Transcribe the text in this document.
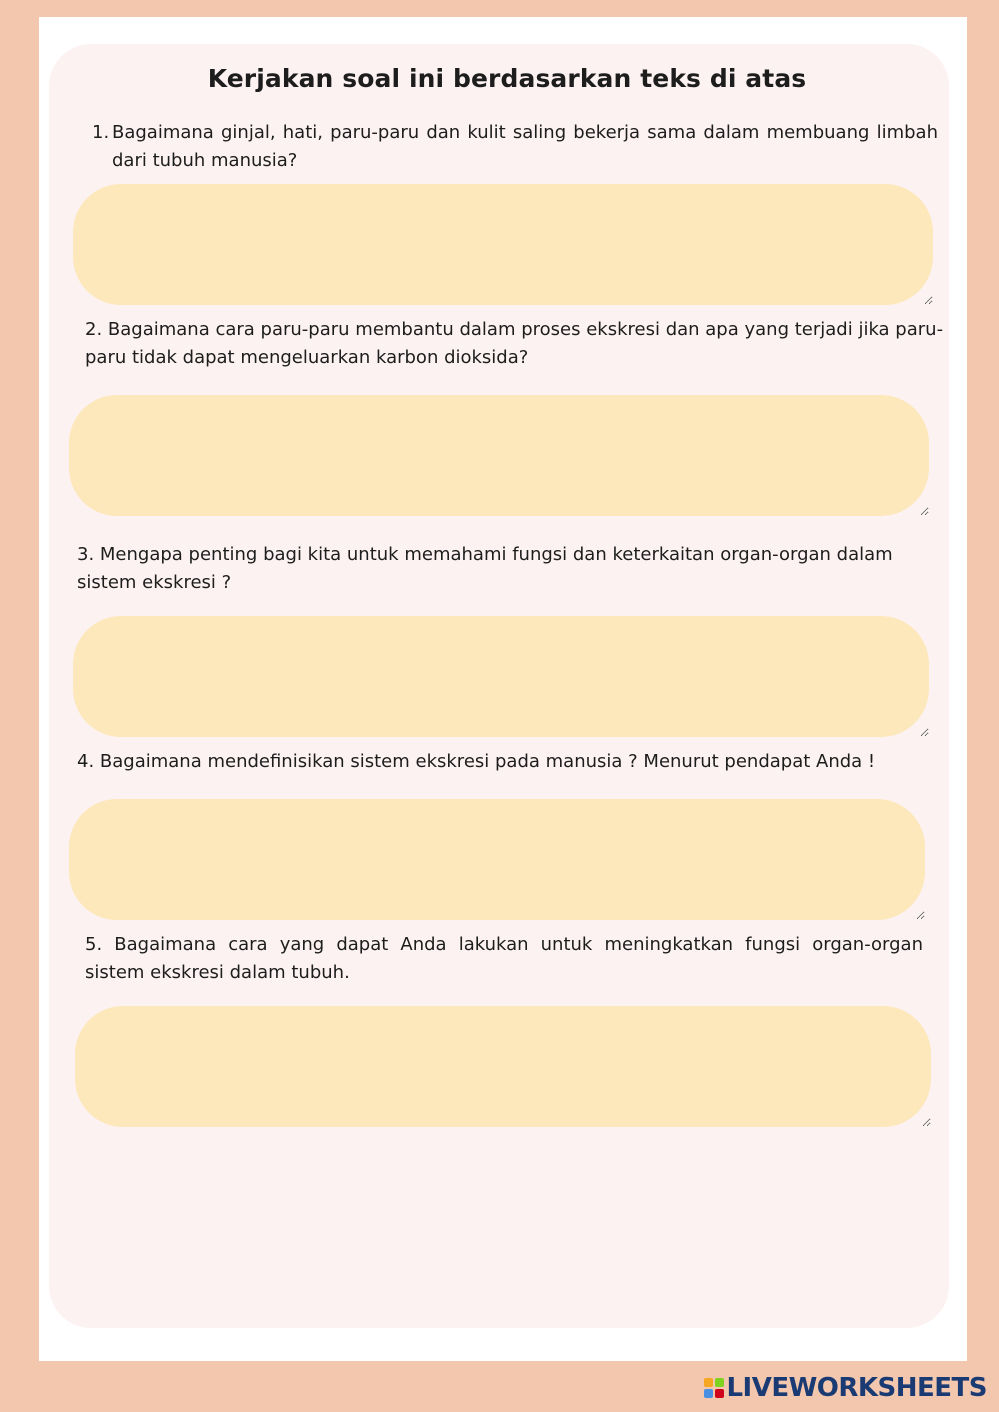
Kerjakan soal ini berdasarkan teks di atas
1. Bagaimana ginjal, hati, paru-paru dan kulit saling bekerja sama dalam membuang limbah dari tubuh manusia?

2. Bagaimana cara paru-paru membantu dalam proses ekskresi dan apa yang terjadi jika paru-paru tidak dapat mengeluarkan karbon dioksida?

3. Mengapa penting bagi kita untuk memahami fungsi dan keterkaitan organ-organ dalam sistem ekskresi ?

4. Bagaimana mendefinisikan sistem ekskresi pada manusia ? Menurut pendapat Anda !

5. Bagaimana cara yang dapat Anda lakukan untuk meningkatkan fungsi organ-organ sistem ekskresi dalam tubuh.

LIVEWORKSHEETS
